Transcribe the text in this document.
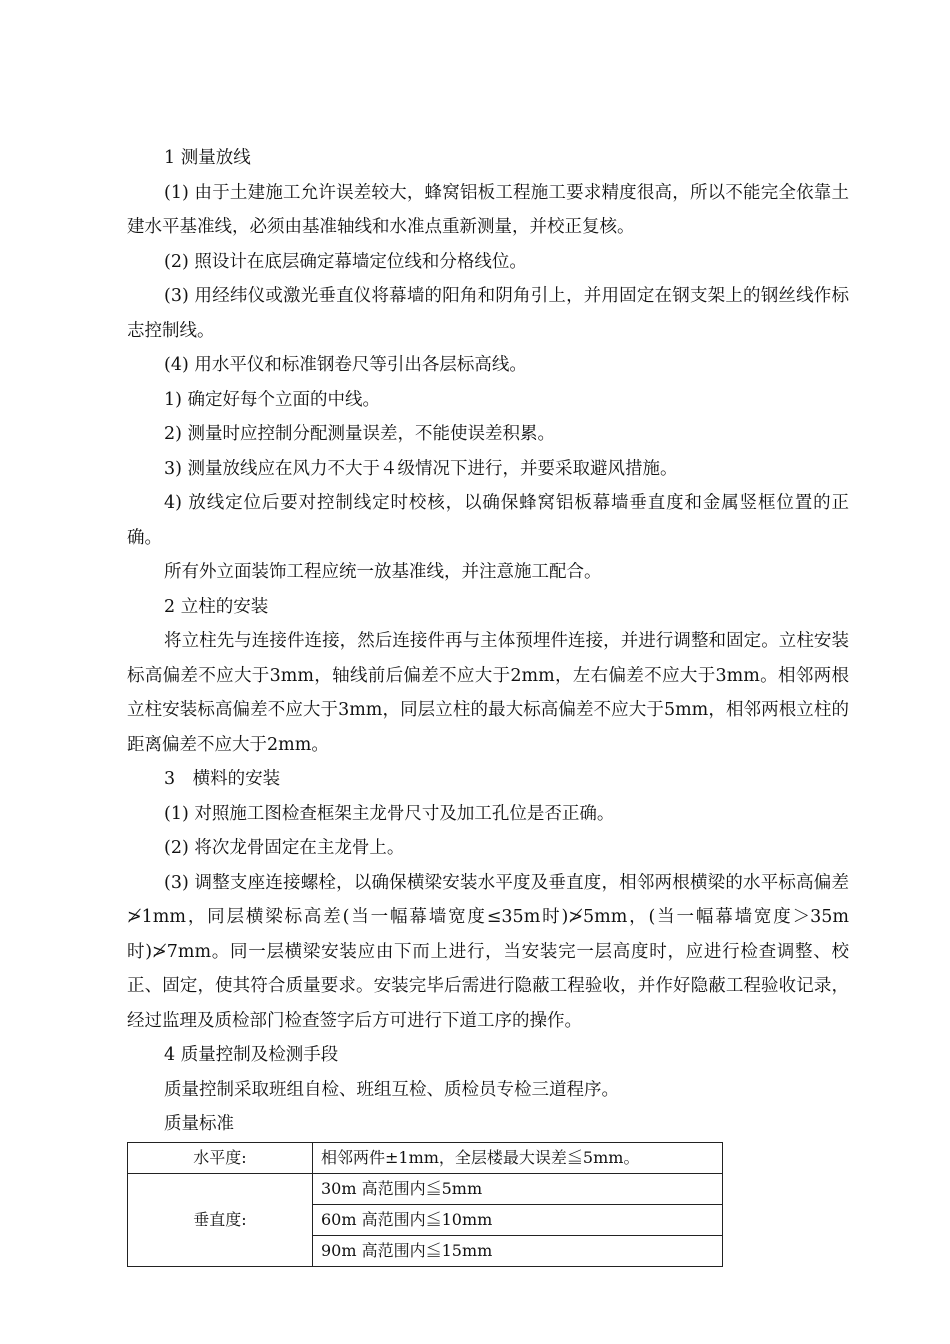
1 测量放线

(1) 由于土建施工允许误差较大，蜂窝铝板工程施工要求精度很高，所以不能完全依靠土建水平基准线，必须由基准轴线和水准点重新测量，并校正复核。

(2) 照设计在底层确定幕墙定位线和分格线位。

(3) 用经纬仪或激光垂直仪将幕墙的阳角和阴角引上，并用固定在钢支架上的钢丝线作标志控制线。

(4) 用水平仪和标准钢卷尺等引出各层标高线。

1) 确定好每个立面的中线。

2) 测量时应控制分配测量误差，不能使误差积累。

3) 测量放线应在风力不大于４级情况下进行，并要采取避风措施。

4) 放线定位后要对控制线定时校核，以确保蜂窝铝板幕墙垂直度和金属竖框位置的正确。

所有外立面装饰工程应统一放基准线，并注意施工配合。

2 立柱的安装

将立柱先与连接件连接，然后连接件再与主体预埋件连接，并进行调整和固定。立柱安装标高偏差不应大于3mm，轴线前后偏差不应大于2mm，左右偏差不应大于3mm。相邻两根立柱安装标高偏差不应大于3mm，同层立柱的最大标高偏差不应大于5mm，相邻两根立柱的距离偏差不应大于2mm。

3　横料的安装

(1) 对照施工图检查框架主龙骨尺寸及加工孔位是否正确。

(2) 将次龙骨固定在主龙骨上。

(3) 调整支座连接螺栓，以确保横梁安装水平度及垂直度，相邻两根横梁的水平标高偏差≯1mm，同层横梁标高差(当一幅幕墙宽度≤35m时)≯5mm，(当一幅幕墙宽度＞35m时)≯7mm。同一层横梁安装应由下而上进行，当安装完一层高度时，应进行检查调整、校正、固定，使其符合质量要求。安装完毕后需进行隐蔽工程验收，并作好隐蔽工程验收记录，经过监理及质检部门检查签字后方可进行下道工序的操作。

4 质量控制及检测手段

质量控制采取班组自检、班组互检、质检员专检三道程序。

质量标准

水平度:	相邻两件±1mm，全层楼最大误差≦5mm。
垂直度:	30m 高范围内≦5mm
	60m 高范围内≦10mm
	90m 高范围内≦15mm
